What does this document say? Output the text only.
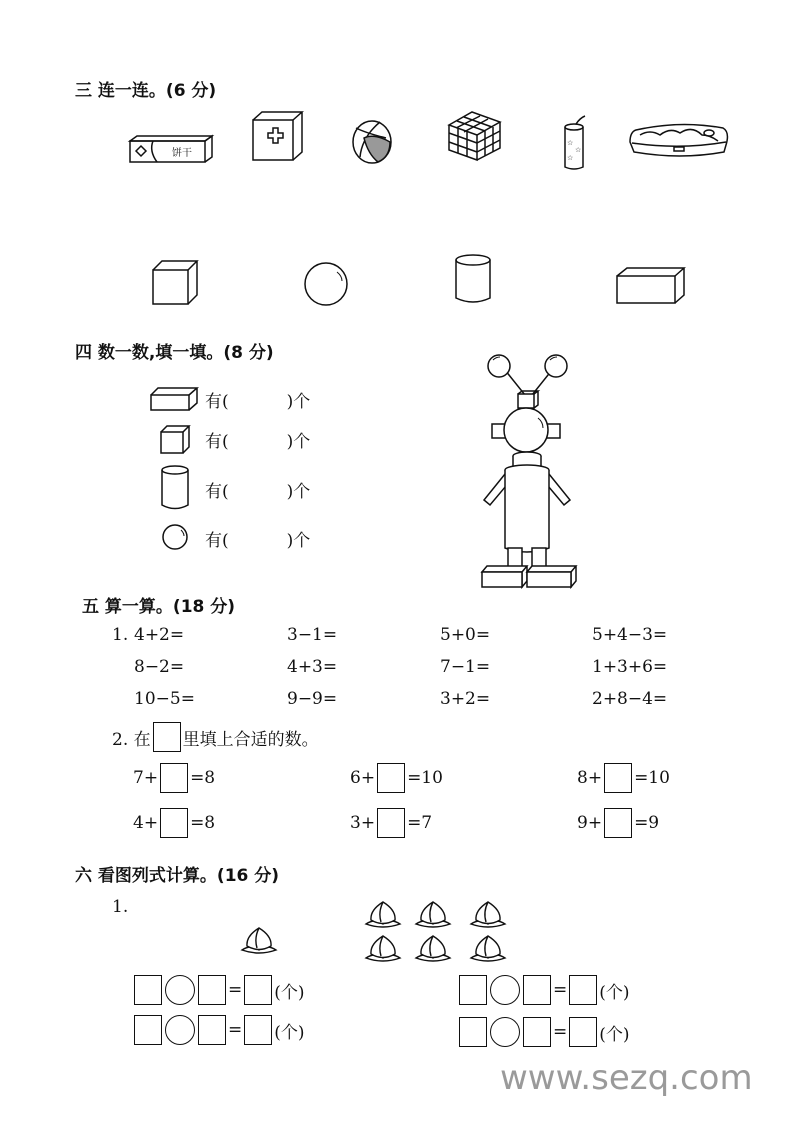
三 连一连。(6 分)
饼干
☆
☆
☆
四 数一数,填一填。(8 分)
有(	)个
有(	)个
有(	)个
有(	)个
五 算一算。(18 分)
1. 4+2=	3−1=	5+0=	5+4−3=
8−2=	4+3=	7−1=	1+3+6=
10−5=	9−9=	3+2=	2+8−4=
2. 在 里填上合适的数。
7+ =8	6+ =10	8+ =10
4+ =8	3+ =7	9+ =9
六 看图列式计算。(16 分)
1.
= (个)
= (个)
= (个)
= (个)
www.sezq.com
